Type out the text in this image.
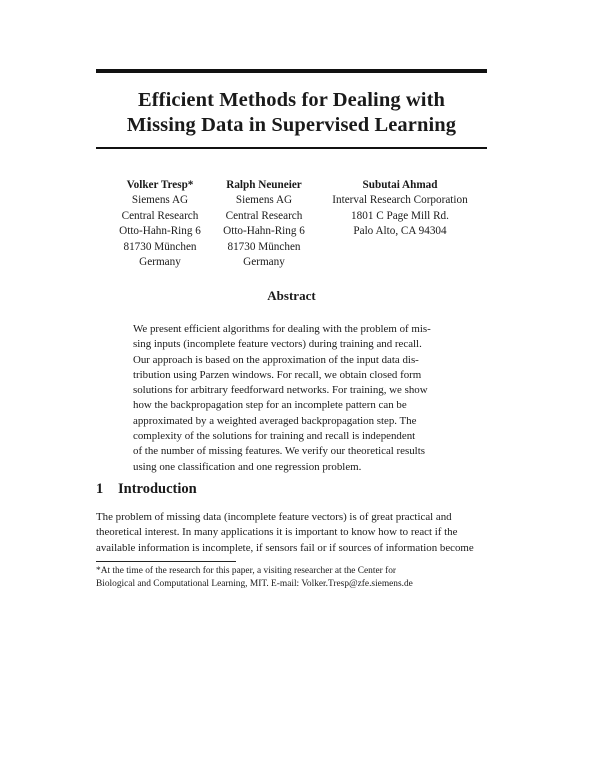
Efficient Methods for Dealing with
Missing Data in Supervised Learning
Volker Tresp*
Siemens AG
Central Research
Otto-Hahn-Ring 6
81730 München
Germany
Ralph Neuneier
Siemens AG
Central Research
Otto-Hahn-Ring 6
81730 München
Germany
Subutai Ahmad
Interval Research Corporation
1801 C Page Mill Rd.
Palo Alto, CA 94304
Abstract
We present efficient algorithms for dealing with the problem of mis-
sing inputs (incomplete feature vectors) during training and recall.
Our approach is based on the approximation of the input data dis-
tribution using Parzen windows. For recall, we obtain closed form
solutions for arbitrary feedforward networks. For training, we show
how the backpropagation step for an incomplete pattern can be
approximated by a weighted averaged backpropagation step. The
complexity of the solutions for training and recall is independent
of the number of missing features. We verify our theoretical results
using one classification and one regression problem.
1 Introduction
The problem of missing data (incomplete feature vectors) is of great practical and
theoretical interest. In many applications it is important to know how to react if the
available information is incomplete, if sensors fail or if sources of information become
*At the time of the research for this paper, a visiting researcher at the Center for
Biological and Computational Learning, MIT. E-mail: Volker.Tresp@zfe.siemens.de
